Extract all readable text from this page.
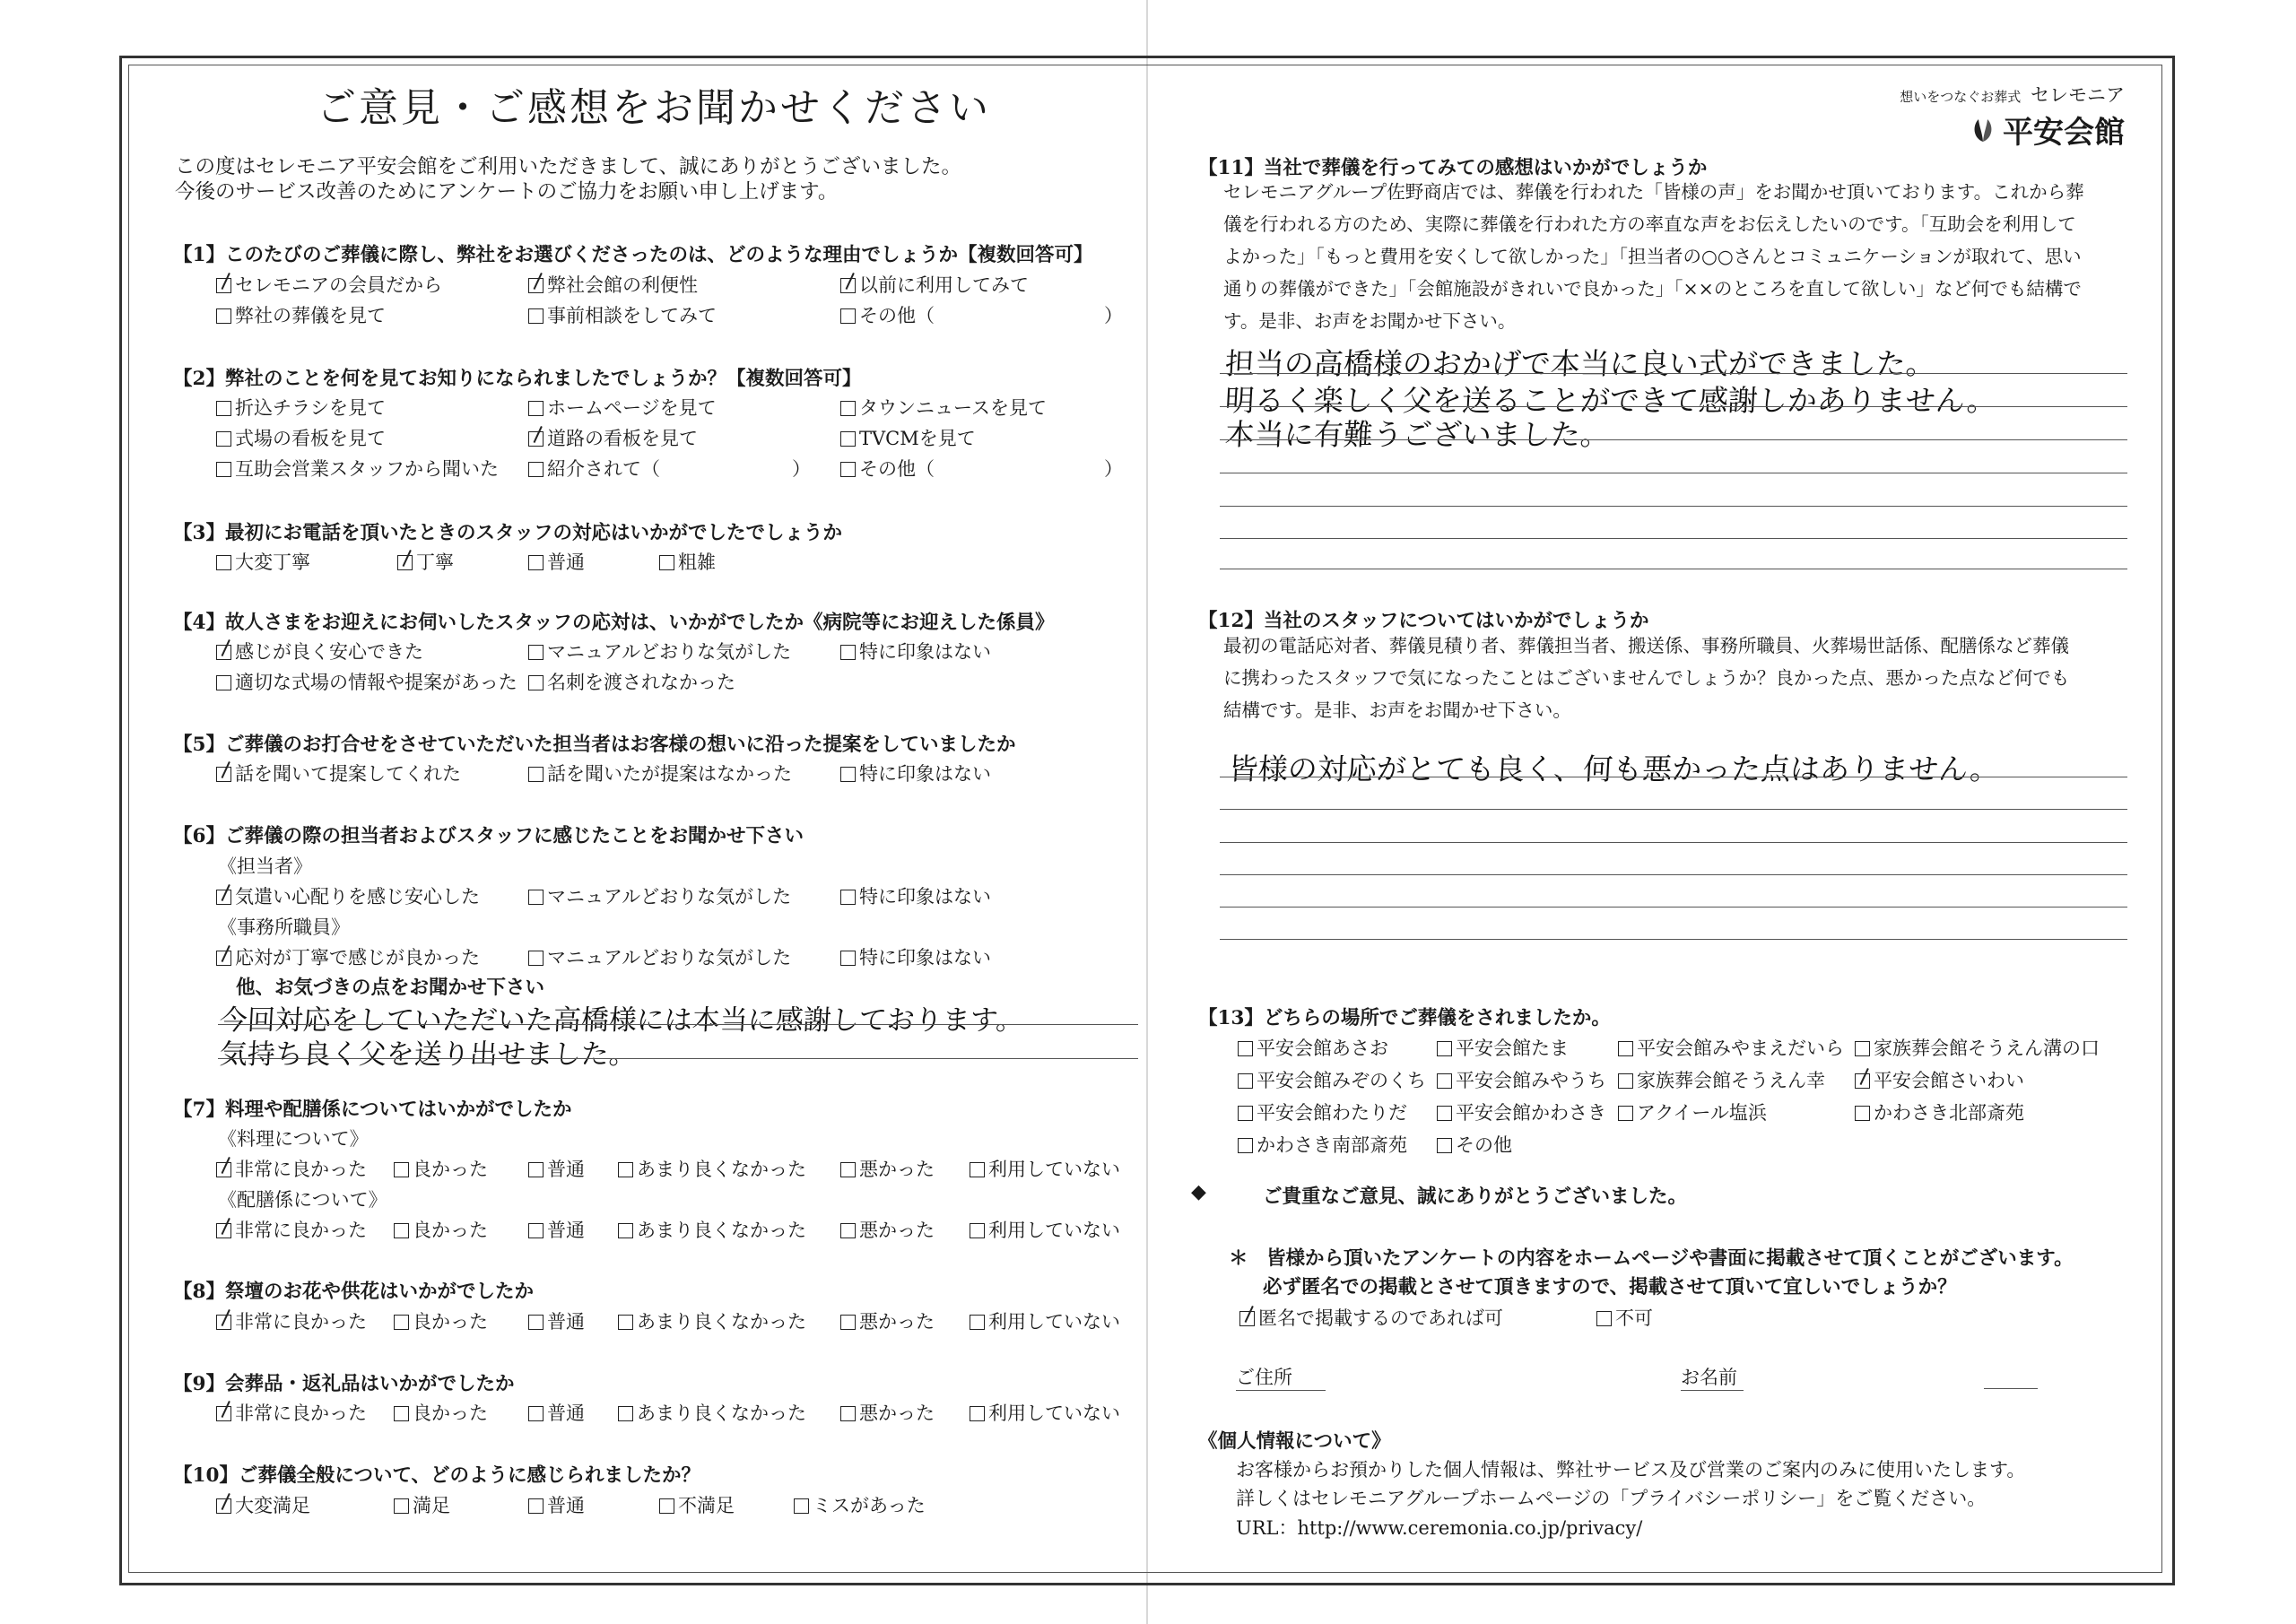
ご意見・ご感想をお聞かせください
この度はセレモニア平安会館をご利用いただきまして、誠にありがとうございました。
今後のサービス改善のためにアンケートのご協力をお願い申し上げます。
【1】このたびのご葬儀に際し、弊社をお選びくださったのは、どのような理由でしょうか【複数回答可】
【2】弊社のことを何を見てお知りになられましたでしょうか？【複数回答可】
【3】最初にお電話を頂いたときのスタッフの対応はいかがでしたでしょうか
【4】故人さまをお迎えにお伺いしたスタッフの応対は、いかがでしたか《病院等にお迎えした係員》
【5】ご葬儀のお打合せをさせていただいた担当者はお客様の想いに沿った提案をしていましたか
【6】ご葬儀の際の担当者およびスタッフに感じたことをお聞かせ下さい
《担当者》
《事務所職員》
他、お気づきの点をお聞かせ下さい
今回対応をしていただいた高橋様には本当に感謝しております。
気持ち良く父を送り出せました。
【7】料理や配膳係についてはいかがでしたか
《料理について》
《配膳係について》
【8】祭壇のお花や供花はいかがでしたか
【9】会葬品・返礼品はいかがでしたか
【10】ご葬儀全般について、どのように感じられましたか？
セレモニアの会員だから	弊社会館の利便性	以前に利用してみて
弊社の葬儀を見て	事前相談をしてみて	その他（　　　　　　　　　）
折込チラシを見て	ホームページを見て	タウンニュースを見て
式場の看板を見て	道路の看板を見て	TVCMを見て
互助会営業スタッフから聞いた	紹介されて（　　　　　　　）	その他（　　　　　　　　　）
大変丁寧	丁寧	普通	粗雑
感じが良く安心できた	マニュアルどおりな気がした	特に印象はない
適切な式場の情報や提案があった 名刺を渡されなかった
話を聞いて提案してくれた	話を聞いたが提案はなかった	特に印象はない
気遣い心配りを感じ安心した	マニュアルどおりな気がした	特に印象はない
応対が丁寧で感じが良かった	マニュアルどおりな気がした	特に印象はない
大変満足	満足	普通	不満足	ミスがあった
非常に良かった 良かった	普通	あまり良くなかった	悪かった	利用していない
非常に良かった 良かった	普通	あまり良くなかった	悪かった	利用していない
非常に良かった 良かった	普通	あまり良くなかった	悪かった	利用していない
非常に良かった 良かった	普通	あまり良くなかった	悪かった	利用していない
想いをつなぐお葬式 セレモニア
平安会館
【11】当社で葬儀を行ってみての感想はいかがでしょうか
セレモニアグループ佐野商店では、葬儀を行われた「皆様の声」をお聞かせ頂いております。これから葬儀を行われる方のため、実際に葬儀を行われた方の率直な声をお伝えしたいのです。「互助会を利用してよかった」「もっと費用を安くして欲しかった」「担当者の○○さんとコミュニケーションが取れて、思い通りの葬儀ができた」「会館施設がきれいで良かった」「××のところを直して欲しい」など何でも結構です。是非、お声をお聞かせ下さい。
担当の高橋様のおかげで本当に良い式ができました。
明るく楽しく父を送ることができて感謝しかありません。
本当に有難うございました。
【12】当社のスタッフについてはいかがでしょうか
最初の電話応対者、葬儀見積り者、葬儀担当者、搬送係、事務所職員、火葬場世話係、配膳係など葬儀に携わったスタッフで気になったことはございませんでしょうか？良かった点、悪かった点など何でも結構です。是非、お声をお聞かせ下さい。
皆様の対応がとても良く、何も悪かった点はありません。
【13】どちらの場所でご葬儀をされましたか。
◆	ご貴重なご意見、誠にありがとうございました。
＊ 皆様から頂いたアンケートの内容をホームページや書面に掲載させて頂くことがございます。
必ず匿名での掲載とさせて頂きますので、掲載させて頂いて宜しいでしょうか？
ご住所	お名前
《個人情報について》
お客様からお預かりした個人情報は、弊社サービス及び営業のご案内のみに使用いたします。
詳しくはセレモニアグループホームページの「プライバシーポリシー」をご覧ください。
URL：http://www.ceremonia.co.jp/privacy/
平安会館あさお	平安会館たま	平安会館みやまえだいら 家族葬会館そうえん溝の口
平安会館みぞのくち 平安会館みやうち 家族葬会館そうえん幸	平安会館さいわい
平安会館わたりだ	平安会館かわさき アクイール塩浜	かわさき北部斎苑
かわさき南部斎苑	その他
匿名で掲載するのであれば可	不可
